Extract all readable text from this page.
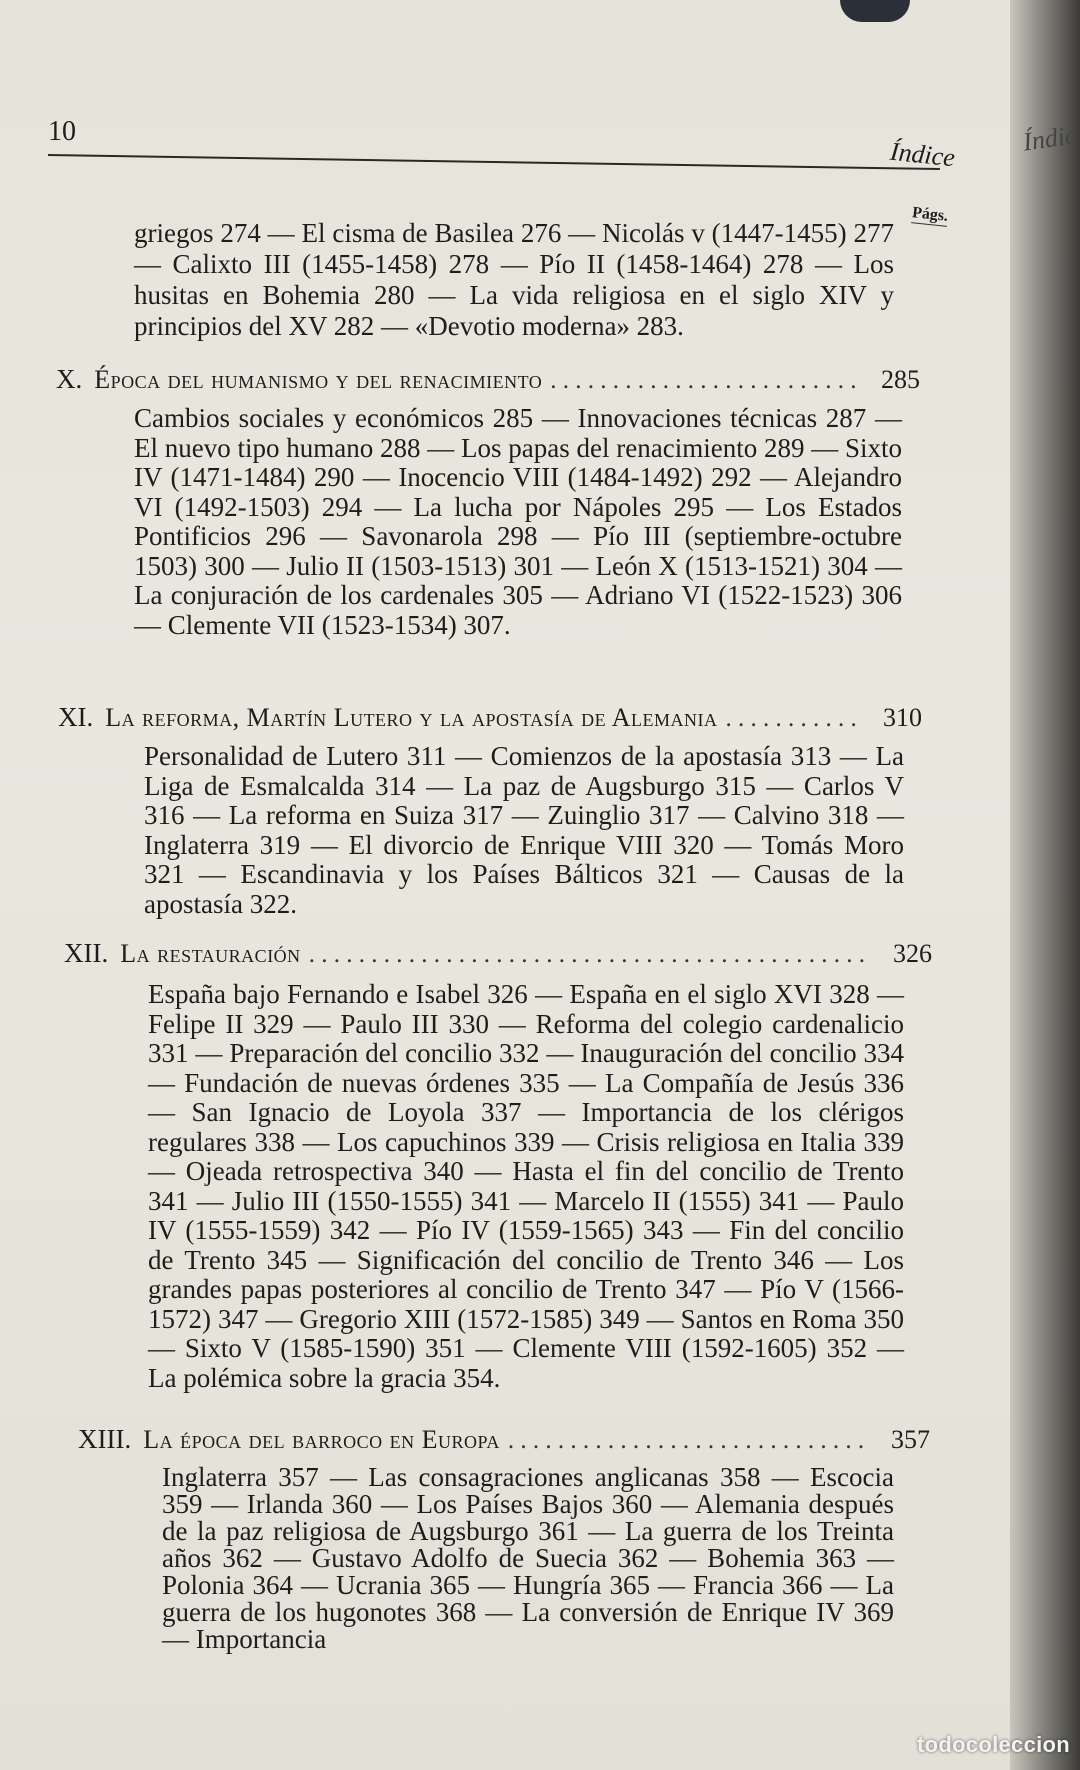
10
Índice
Págs.
griegos 274 — El cisma de Basilea 276 — Nicolás v (1447-1455) 277 — Calixto III (1455-1458) 278 — Pío II (1458-1464) 278 — Los husitas en Bohemia 280 — La vida religiosa en el siglo XIV y principios del XV 282 — «Devotio moderna» 283.
X. Época del humanismo y del renacimiento . . .	285
Cambios sociales y económicos 285 — Innovaciones técnicas 287 — El nuevo tipo humano 288 — Los papas del renacimiento 289 — Sixto IV (1471-1484) 290 — Inocencio VIII (1484-1492) 292 — Alejandro VI (1492-1503) 294 — La lucha por Nápoles 295 — Los Estados Pontificios 296 — Savonarola 298 — Pío III (septiembre-octubre 1503) 300 — Julio II (1503-1513) 301 — León X (1513-1521) 304 — La conjuración de los cardenales 305 — Adriano VI (1522-1523) 306 — Clemente VII (1523-1534) 307.
XI. La reforma, Martín Lutero y la apostasía de Alemania . . .	310
Personalidad de Lutero 311 — Comienzos de la apostasía 313 — La Liga de Esmalcalda 314 — La paz de Augsburgo 315 — Carlos V 316 — La reforma en Suiza 317 — Zuinglio 317 — Calvino 318 — Inglaterra 319 — El divorcio de Enrique VIII 320 — Tomás Moro 321 — Escandinavia y los Países Bálticos 321 — Causas de la apostasía 322.
XII. La restauración . . .	326
España bajo Fernando e Isabel 326 — España en el siglo XVI 328 — Felipe II 329 — Paulo III 330 — Reforma del colegio cardenalicio 331 — Preparación del concilio 332 — Inauguración del concilio 334 — Fundación de nuevas órdenes 335 — La Compañía de Jesús 336 — San Ignacio de Loyola 337 — Importancia de los clérigos regulares 338 — Los capuchinos 339 — Crisis religiosa en Italia 339 — Ojeada retrospectiva 340 — Hasta el fin del concilio de Trento 341 — Julio III (1550-1555) 341 — Marcelo II (1555) 341 — Paulo IV (1555-1559) 342 — Pío IV (1559-1565) 343 — Fin del concilio de Trento 345 — Significación del concilio de Trento 346 — Los grandes papas posteriores al concilio de Trento 347 — Pío V (1566-1572) 347 — Gregorio XIII (1572-1585) 349 — Santos en Roma 350 — Sixto V (1585-1590) 351 — Clemente VIII (1592-1605) 352 — La polémica sobre la gracia 354.
XIII. La época del barroco en Europa . . .	357
Inglaterra 357 — Las consagraciones anglicanas 358 — Escocia 359 — Irlanda 360 — Los Países Bajos 360 — Alemania después de la paz religiosa de Augsburgo 361 — La guerra de los Treinta años 362 — Gustavo Adolfo de Suecia 362 — Bohemia 363 — Polonia 364 — Ucrania 365 — Hungría 365 — Francia 366 — La guerra de los hugonotes 368 — La conversión de Enrique IV 369 — Importancia
Índic
todocoleccion
